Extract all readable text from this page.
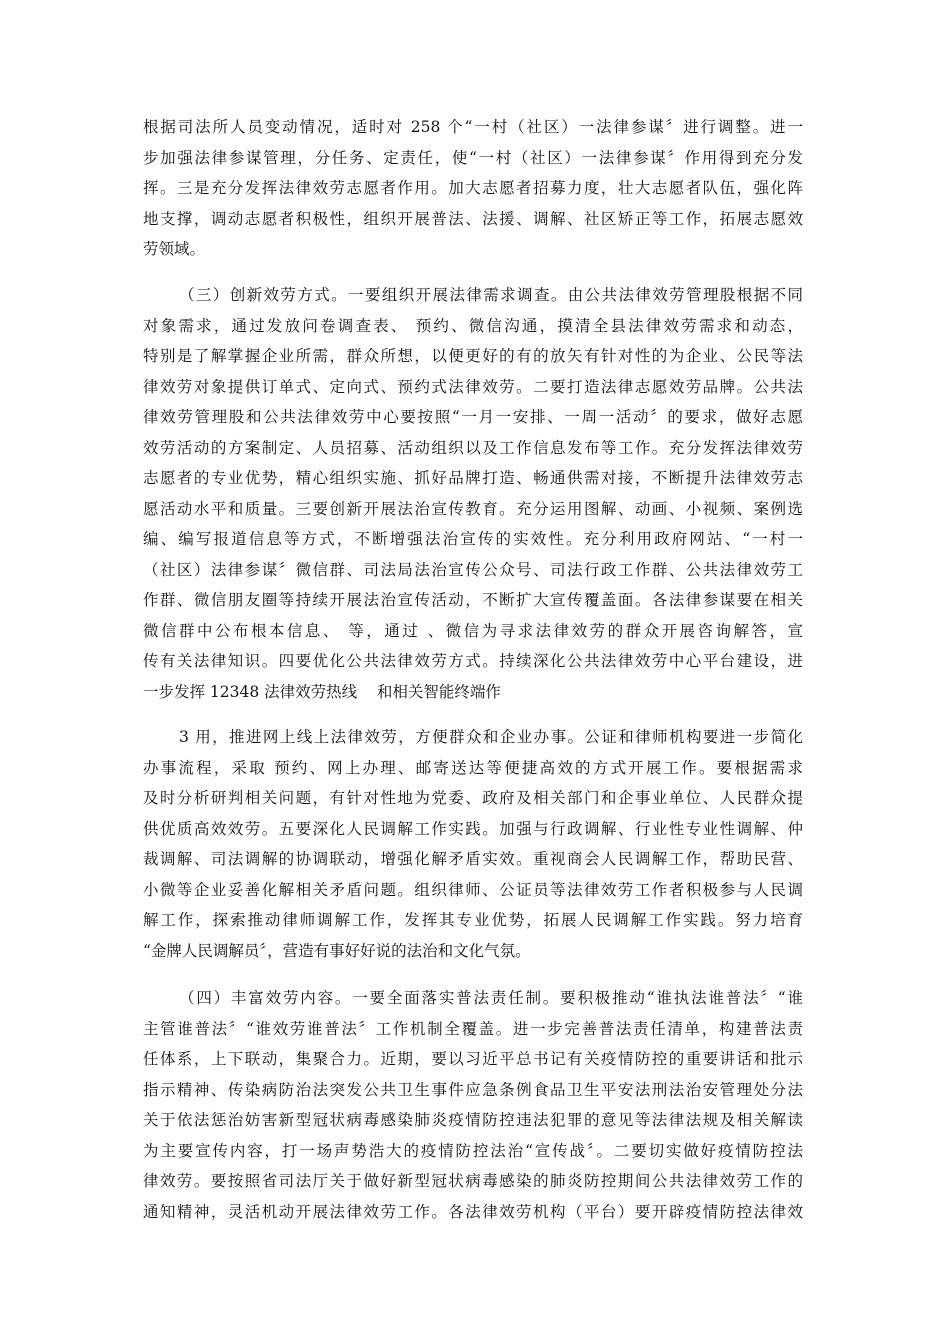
根据司法所人员变动情况，适时对 258 个“一村（社区）一法律参谋〞进行调整。进一
步加强法律参谋管理，分任务、定责任，使“一村（社区）一法律参谋〞作用得到充分发
挥。三是充分发挥法律效劳志愿者作用。加大志愿者招募力度，壮大志愿者队伍，强化阵
地支撑，调动志愿者积极性，组织开展普法、法援、调解、社区矫正等工作，拓展志愿效
劳领域。
（三）创新效劳方式。一要组织开展法律需求调查。由公共法律效劳管理股根据不同
对象需求，通过发放问卷调查表、 预约、微信沟通，摸清全县法律效劳需求和动态，
特别是了解掌握企业所需，群众所想，以便更好的有的放矢有针对性的为企业、公民等法
律效劳对象提供订单式、定向式、预约式法律效劳。二要打造法律志愿效劳品牌。公共法
律效劳管理股和公共法律效劳中心要按照“一月一安排、一周一活动〞的要求，做好志愿
效劳活动的方案制定、人员招募、活动组织以及工作信息发布等工作。充分发挥法律效劳
志愿者的专业优势，精心组织实施、抓好品牌打造、畅通供需对接，不断提升法律效劳志
愿活动水平和质量。三要创新开展法治宣传教育。充分运用图解、动画、小视频、案例选
编、编写报道信息等方式，不断增强法治宣传的实效性。充分利用政府网站、“一村一
（社区）法律参谋〞微信群、司法局法治宣传公众号、司法行政工作群、公共法律效劳工
作群、微信朋友圈等持续开展法治宣传活动，不断扩大宣传覆盖面。各法律参谋要在相关
微信群中公布根本信息、 等，通过 、微信为寻求法律效劳的群众开展咨询解答，宣
传有关法律知识。四要优化公共法律效劳方式。持续深化公共法律效劳中心平台建设，进
一步发挥 12348 法律效劳热线    和相关智能终端作
3 用，推进网上线上法律效劳，方便群众和企业办事。公证和律师机构要进一步简化
办事流程，采取 预约、网上办理、邮寄送达等便捷高效的方式开展工作。要根据需求
及时分析研判相关问题，有针对性地为党委、政府及相关部门和企事业单位、人民群众提
供优质高效效劳。五要深化人民调解工作实践。加强与行政调解、行业性专业性调解、仲
裁调解、司法调解的协调联动，增强化解矛盾实效。重视商会人民调解工作，帮助民营、
小微等企业妥善化解相关矛盾问题。组织律师、公证员等法律效劳工作者积极参与人民调
解工作，探索推动律师调解工作，发挥其专业优势，拓展人民调解工作实践。努力培育
“金牌人民调解员〞，营造有事好好说的法治和文化气氛。
（四）丰富效劳内容。一要全面落实普法责任制。要积极推动“谁执法谁普法〞“谁
主管谁普法〞“谁效劳谁普法〞工作机制全覆盖。进一步完善普法责任清单，构建普法责
任体系，上下联动，集聚合力。近期，要以习近平总书记有关疫情防控的重要讲话和批示
指示精神、传染病防治法突发公共卫生事件应急条例食品卫生平安法刑法治安管理处分法
关于依法惩治妨害新型冠状病毒感染肺炎疫情防控违法犯罪的意见等法律法规及相关解读
为主要宣传内容，打一场声势浩大的疫情防控法治“宣传战〞。二要切实做好疫情防控法
律效劳。要按照省司法厅关于做好新型冠状病毒感染的肺炎防控期间公共法律效劳工作的
通知精神，灵活机动开展法律效劳工作。各法律效劳机构（平台）要开辟疫情防控法律效
